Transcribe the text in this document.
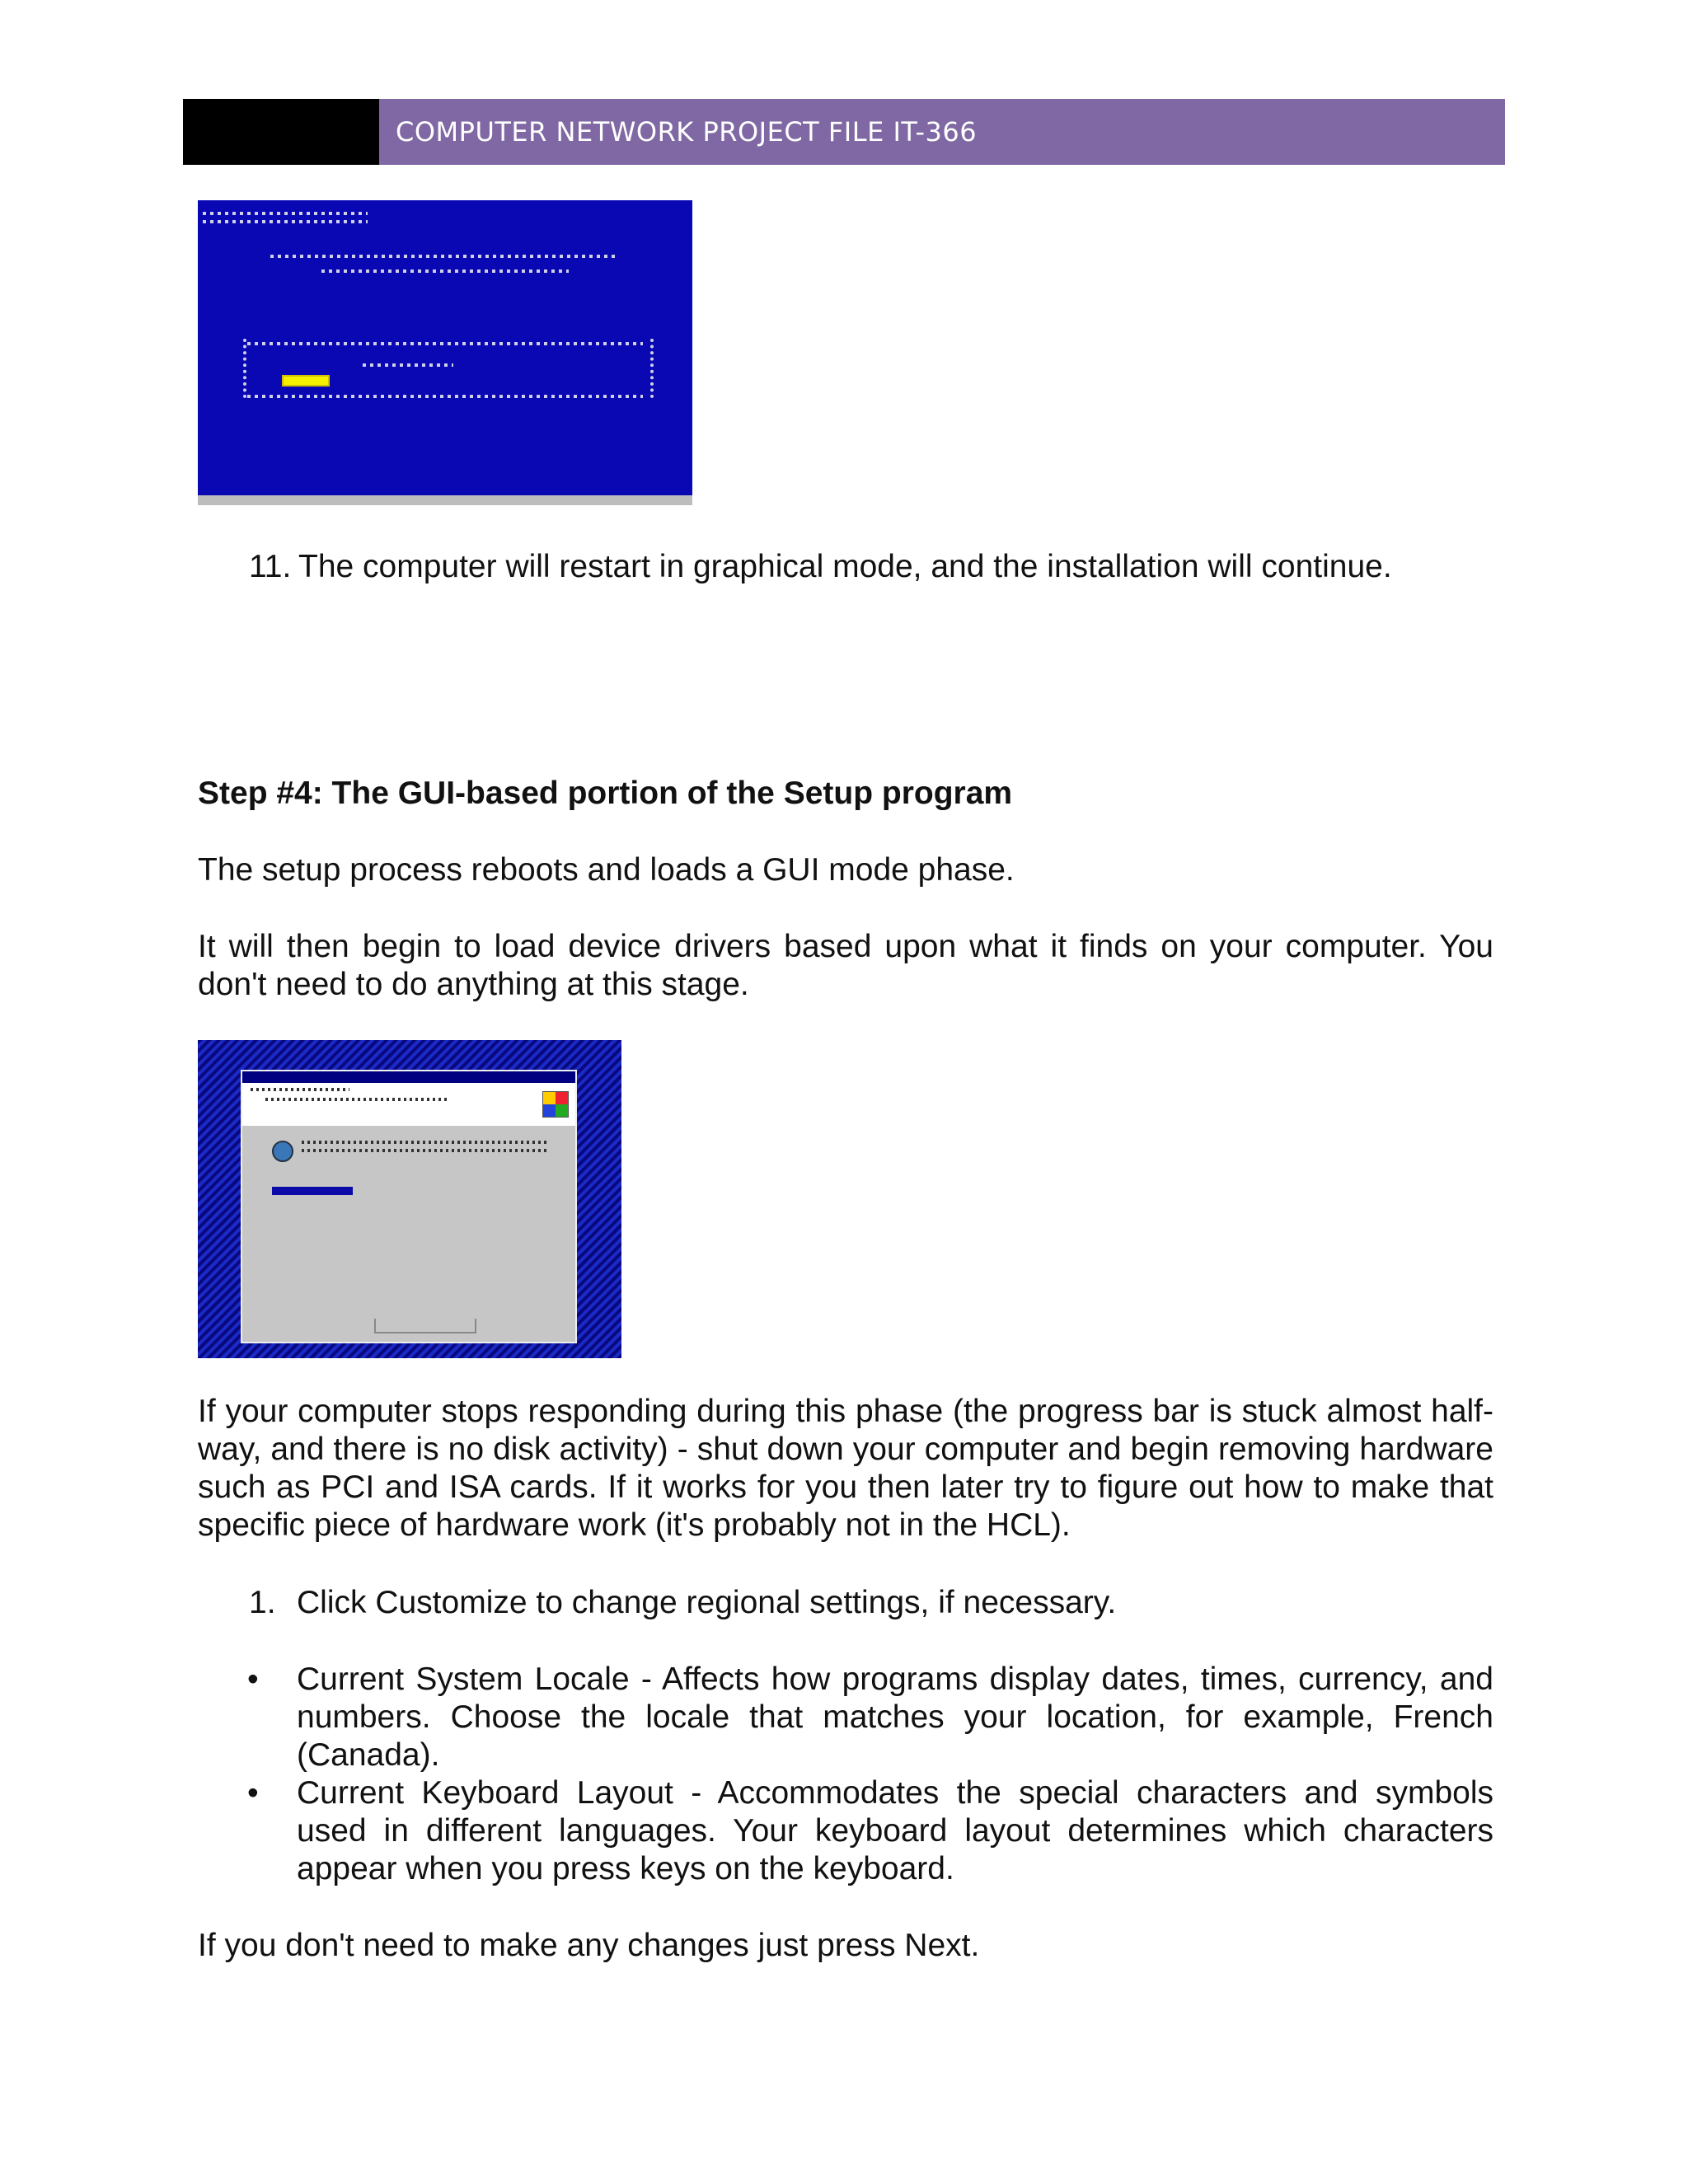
COMPUTER NETWORK PROJECT FILE IT-366
11. The computer will restart in graphical mode, and the installation will continue.
Step #4: The GUI-based portion of the Setup program
The setup process reboots and loads a GUI mode phase.
It will then begin to load device drivers based upon what it finds on your computer. You don't need to do anything at this stage.
If your computer stops responding during this phase (the progress bar is stuck almost half-way, and there is no disk activity) - shut down your computer and begin removing hardware such as PCI and ISA cards. If it works for you then later try to figure out how to make that specific piece of hardware work (it's probably not in the HCL).
1. Click Customize to change regional settings, if necessary.
• Current System Locale - Affects how programs display dates, times, currency, and numbers. Choose the locale that matches your location, for example, French (Canada).
• Current Keyboard Layout - Accommodates the special characters and symbols used in different languages. Your keyboard layout determines which characters appear when you press keys on the keyboard.
If you don't need to make any changes just press Next.
